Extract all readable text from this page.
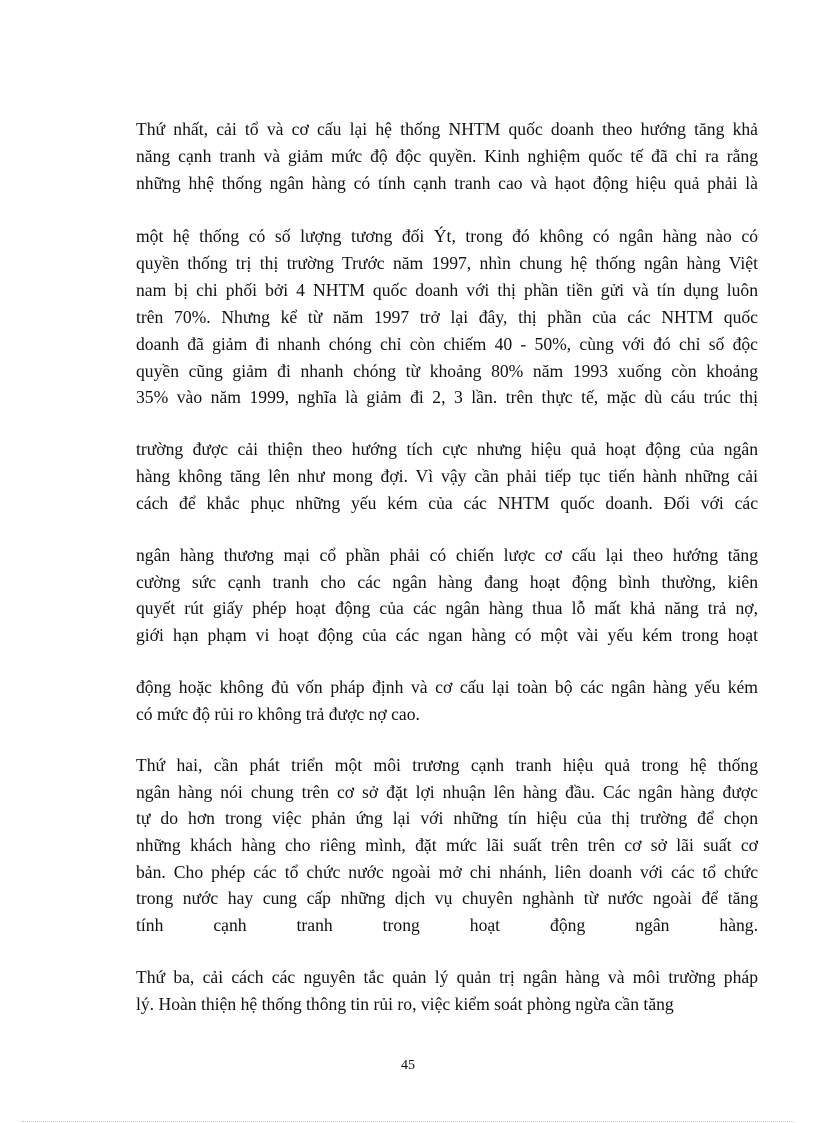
Thứ nhất, cải tổ và cơ cấu lại hệ thống NHTM quốc doanh theo hướng tăng khả
năng cạnh tranh và giảm mức độ độc quyền. Kinh nghiệm quốc tế đã chỉ ra rằng
những hhệ thống ngân hàng có tính cạnh tranh cao và hạot động hiệu quả phải là
một hệ thống có số lượng tương đối Ýt, trong đó không có ngân hàng nào có
quyền thống trị thị trường Trước năm 1997, nhìn chung hệ thống ngân hàng Việt
nam bị chi phối bởi 4 NHTM quốc doanh với thị phần tiền gửi và tín dụng luôn
trên 70%. Nhưng kể từ năm 1997 trở lại đây, thị phần của các NHTM quốc
doanh đã giảm đi nhanh chóng chỉ còn chiếm 40 - 50%, cùng với đó chỉ số độc
quyền cũng giảm đi nhanh chóng từ khoảng 80% năm 1993 xuống còn khoảng
35% vào năm 1999, nghĩa là giảm đi 2, 3 lần. trên thực tế, mặc dù cáu trúc thị
trường được cải thiện theo hướng tích cực nhưng hiệu quả hoạt động của ngân
hàng không tăng lên như mong đợi. Vì vậy cần phải tiếp tục tiến hành những cải
cách để khắc phục những yếu kém của các NHTM quốc doanh. Đối với các
ngân hàng thương mại cổ phần phải có chiến lược cơ cấu lại theo hướng tăng
cường sức cạnh tranh cho các ngân hàng đang hoạt động bình thường, kiên
quyết rút giấy phép hoạt động của các ngân hàng thua lỗ mất khả năng trả nợ,
giới hạn phạm vi hoạt động của các ngan hàng có một vài yếu kém trong hoạt
động hoặc không đủ vốn pháp định và cơ cấu lại toàn bộ các ngân hàng yếu kém
có mức độ rủi ro không trả được nợ cao.
Thứ hai, cần phát triển một môi trương cạnh tranh hiệu quả trong hệ thống
ngân hàng nói chung trên cơ sở đặt lợi nhuận lên hàng đầu. Các ngân hàng được
tự do hơn trong việc phản ứng lại với những tín hiệu của thị trường để chọn
những khách hàng cho riêng mình, đặt mức lãi suất trên trên cơ sở lãi suất cơ
bản. Cho phép các tổ chức nước ngoài mở chi nhánh, liên doanh với các tổ chức
trong nước hay cung cấp những dịch vụ chuyên nghành từ nước ngoài để tăng
tính cạnh tranh trong hoạt động ngân hàng.
Thứ ba, cải cách các nguyên tắc quản lý quản trị ngân hàng và môi trường pháp
lý. Hoàn thiện hệ thống thông tin rủi ro, việc kiểm soát phòng ngừa cần tăng
45
